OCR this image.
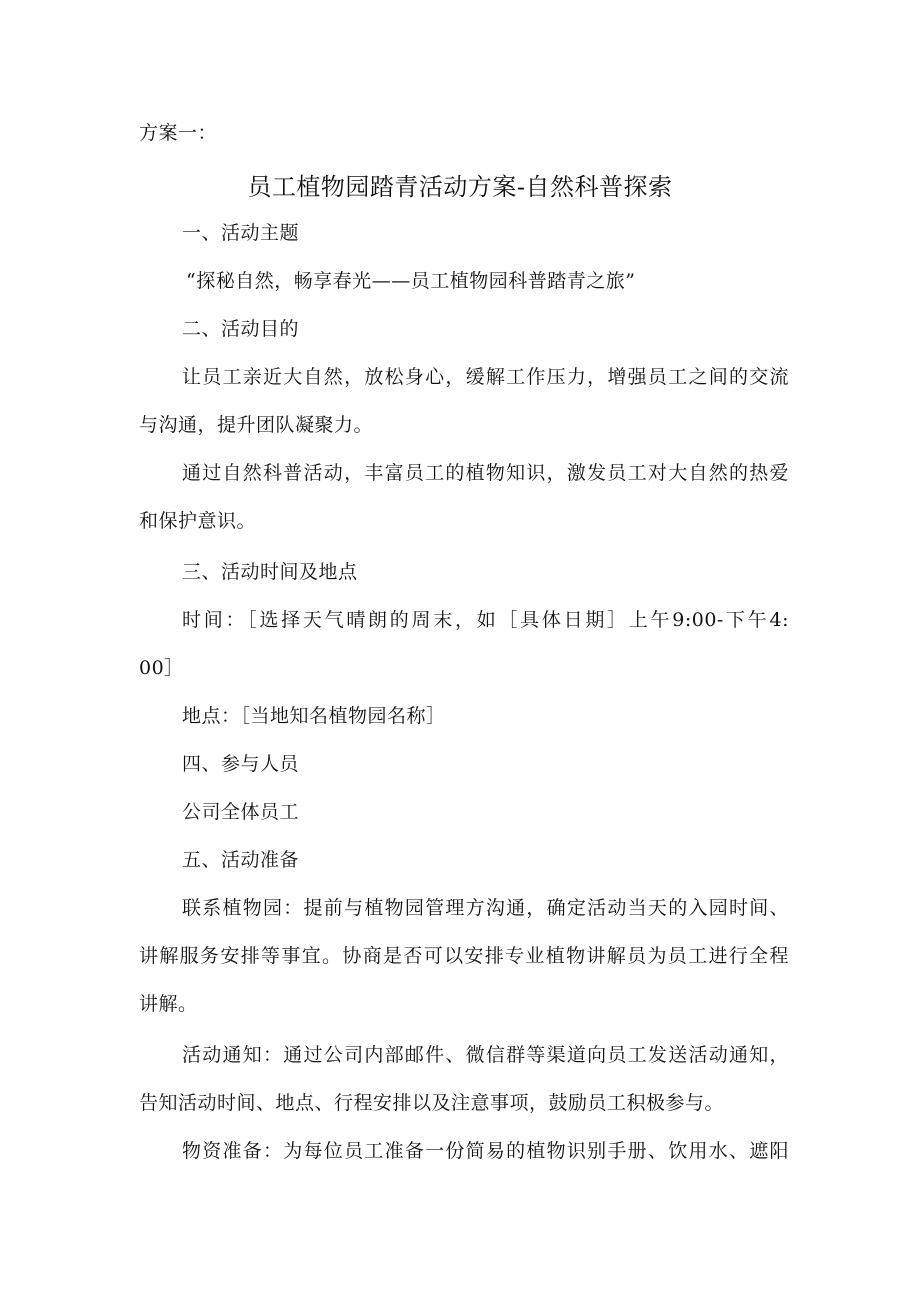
方案一：
员工植物园踏青活动方案-自然科普探索
一、活动主题
“探秘自然，畅享春光——员工植物园科普踏青之旅”
二、活动目的
让员工亲近大自然，放松身心，缓解工作压力，增强员工之间的交流
与沟通，提升团队凝聚力。
通过自然科普活动，丰富员工的植物知识，激发员工对大自然的热爱
和保护意识。
三、活动时间及地点
时间：［选择天气晴朗的周末，如［具体日期］上午9:00-下午4:
00］
地点：［当地知名植物园名称］
四、参与人员
公司全体员工
五、活动准备
联系植物园：提前与植物园管理方沟通，确定活动当天的入园时间、
讲解服务安排等事宜。协商是否可以安排专业植物讲解员为员工进行全程
讲解。
活动通知：通过公司内部邮件、微信群等渠道向员工发送活动通知，
告知活动时间、地点、行程安排以及注意事项，鼓励员工积极参与。
物资准备：为每位员工准备一份简易的植物识别手册、饮用水、遮阳
